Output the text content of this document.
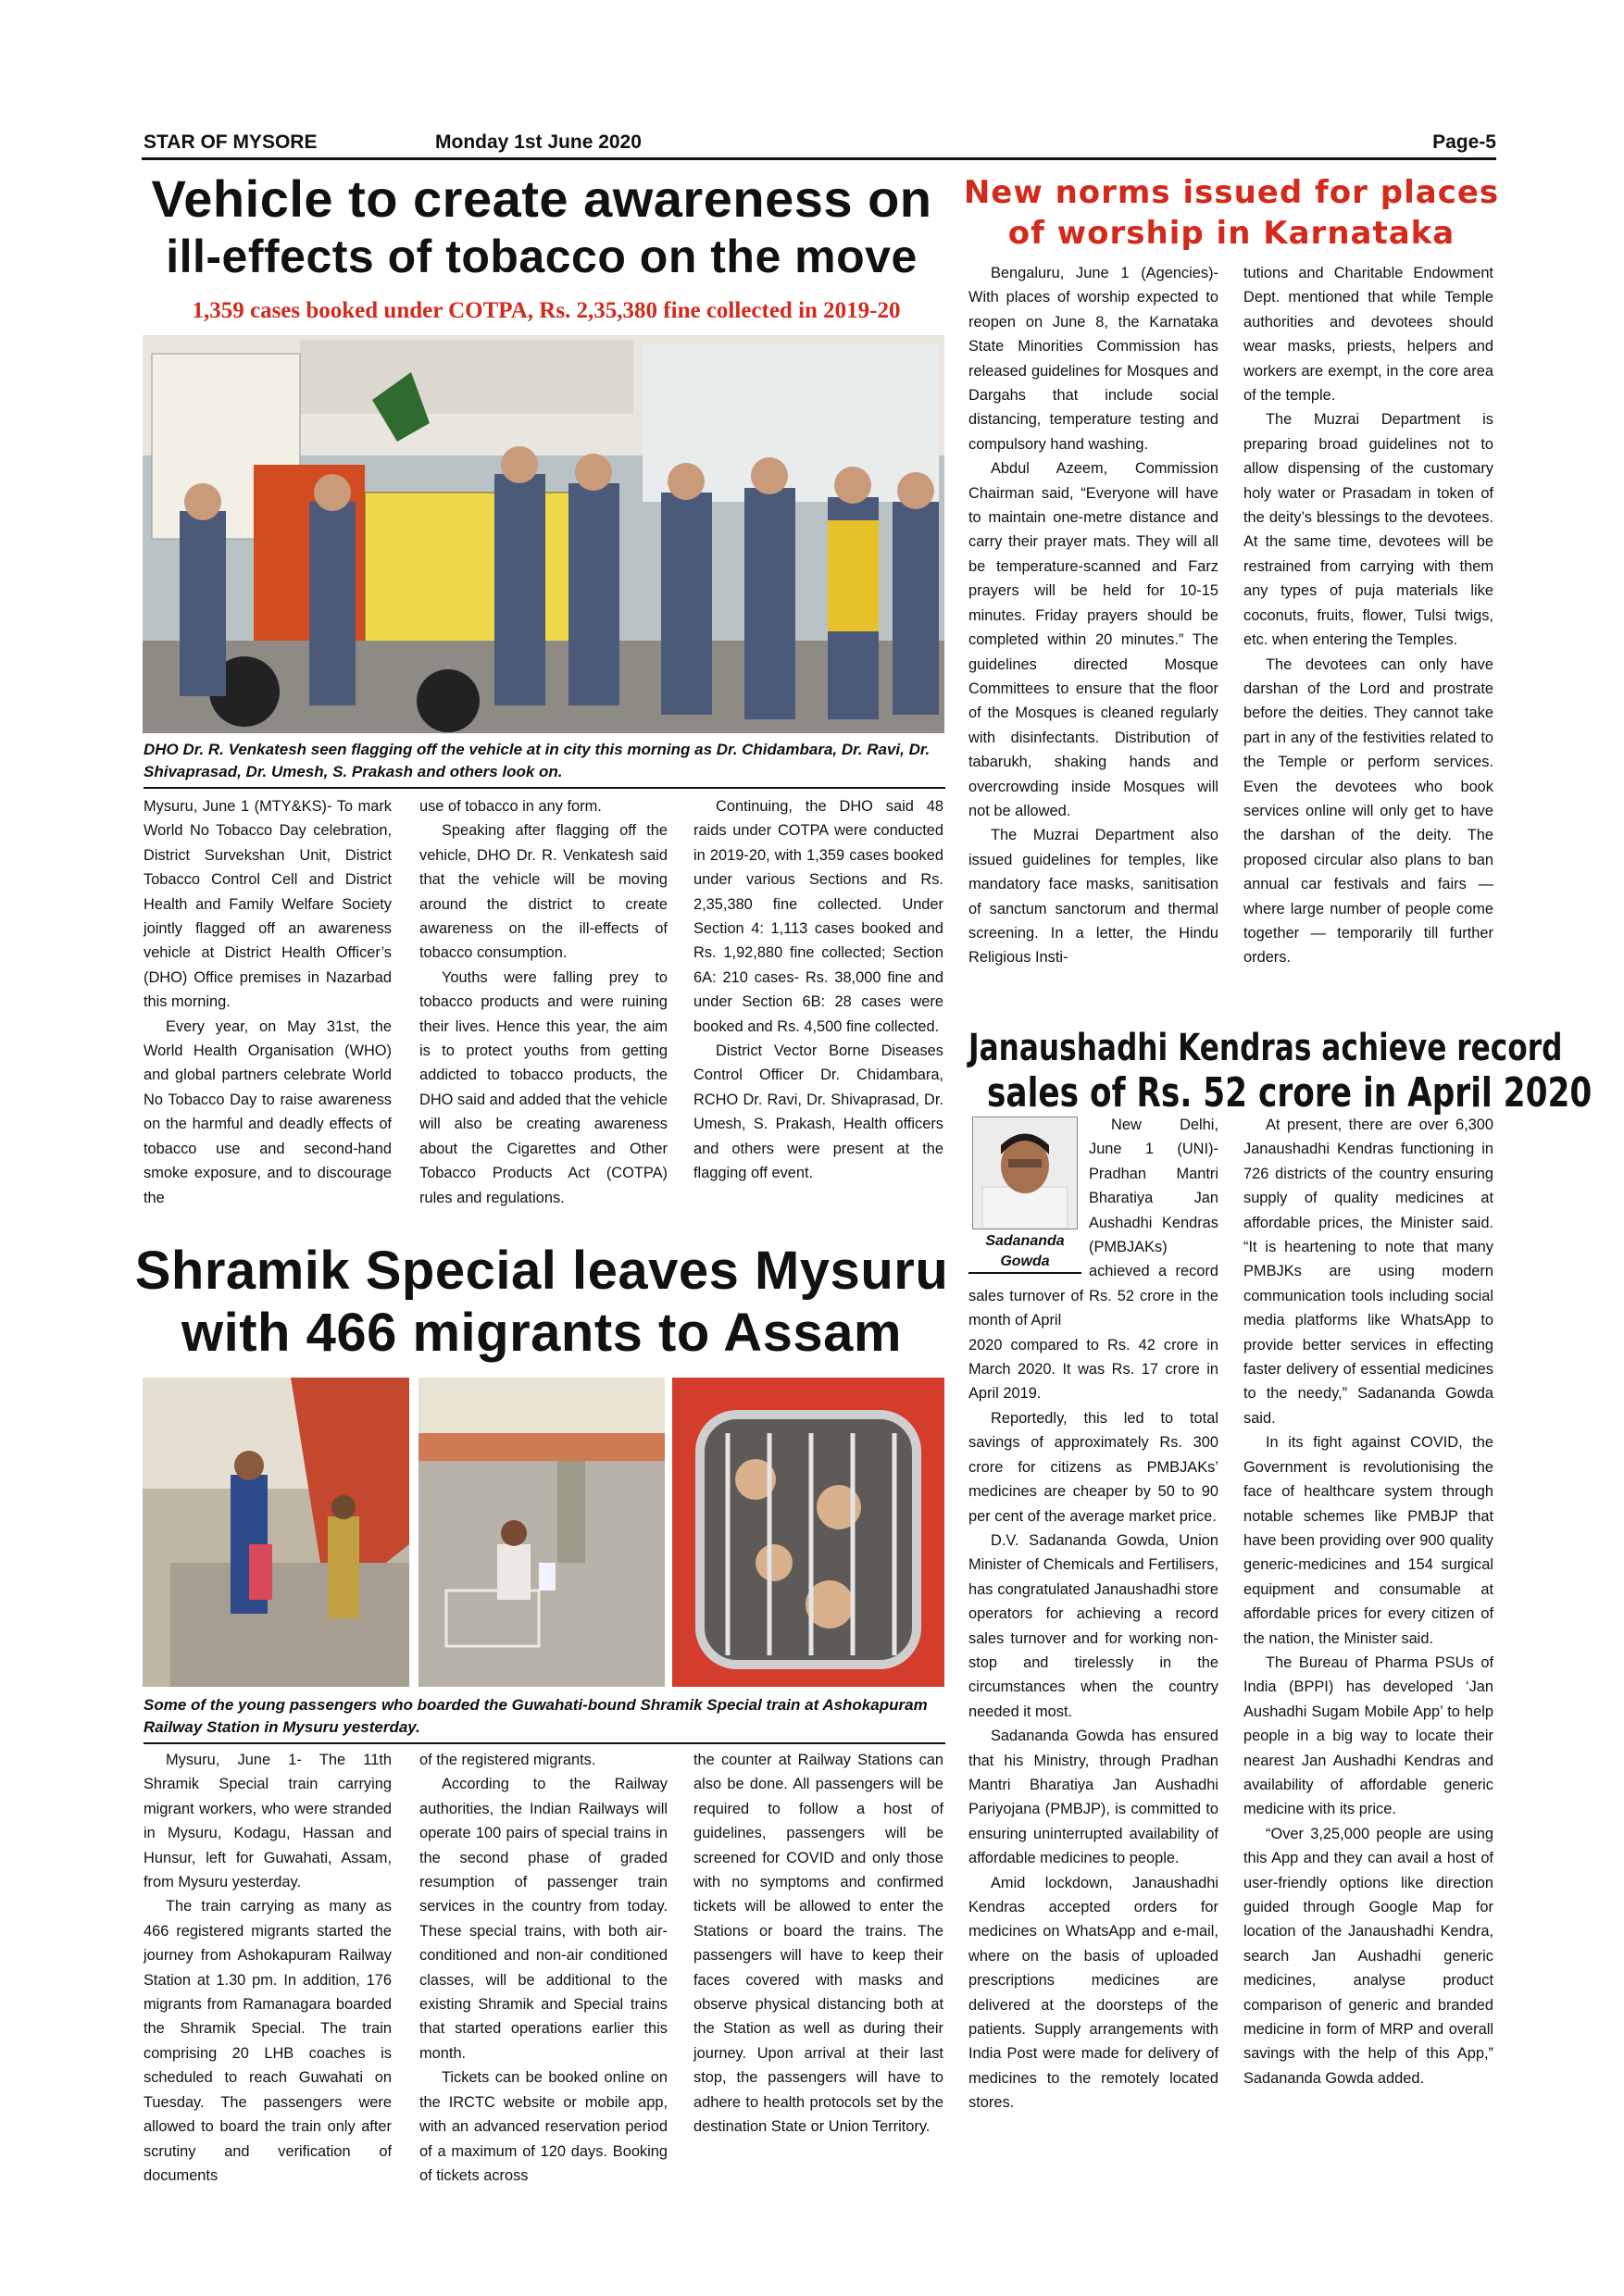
STAR OF MYSORE	Monday 1st June 2020	Page-5
Vehicle to create awareness on
ill-effects of tobacco on the move
1,359 cases booked under COTPA, Rs. 2,35,380 fine collected in 2019-20
DHO Dr. R. Venkatesh seen flagging off the vehicle at in city this morning as Dr. Chidambara, Dr. Ravi, Dr. Shivaprasad, Dr. Umesh, S. Prakash and others look on.

Mysuru, June 1 (MTY&KS)- To mark World No Tobacco Day celebration, District Survekshan Unit, District Tobacco Control Cell and District Health and Family Welfare Society jointly flagged off an awareness vehicle at District Health Officer’s (DHO) Office premises in Nazarbad this morning.

Every year, on May 31st, the World Health Organisation (WHO) and global partners celebrate World No Tobacco Day to raise awareness on the harmful and deadly effects of tobacco use and second-hand smoke exposure, and to discourage the

use of tobacco in any form.

Speaking after flagging off the vehicle, DHO Dr. R. Venkatesh said that the vehicle will be moving around the district to create awareness on the ill-effects of tobacco consumption.

Youths were falling prey to tobacco products and were ruining their lives. Hence this year, the aim is to protect youths from getting addicted to tobacco products, the DHO said and added that the vehicle will also be creating awareness about the Cigarettes and Other Tobacco Products Act (COTPA) rules and regulations.

Continuing, the DHO said 48 raids under COTPA were conducted in 2019-20, with 1,359 cases booked under various Sections and Rs. 2,35,380 fine collected. Under Section 4: 1,113 cases booked and Rs. 1,92,880 fine collected; Section 6A: 210 cases- Rs. 38,000 fine and under Section 6B: 28 cases were booked and Rs. 4,500 fine collected.

District Vector Borne Diseases Control Officer Dr. Chidambara, RCHO Dr. Ravi, Dr. Shivaprasad, Dr. Umesh, S. Prakash, Health officers and others were present at the flagging off event.

Shramik Special leaves Mysuru
with 466 migrants to Assam
Some of the young passengers who boarded the Guwahati-bound Shramik Special train at Ashokapuram Railway Station in Mysuru yesterday.

Mysuru, June 1- The 11th Shramik Special train carrying migrant workers, who were stranded in Mysuru, Kodagu, Hassan and Hunsur, left for Guwahati, Assam, from Mysuru yesterday.

The train carrying as many as 466 registered migrants started the journey from Ashokapuram Railway Station at 1.30 pm. In addition, 176 migrants from Ramanagara boarded the Shramik Special. The train comprising 20 LHB coaches is scheduled to reach Guwahati on Tuesday. The passengers were allowed to board the train only after scrutiny and verification of documents

of the registered migrants.

According to the Railway authorities, the Indian Railways will operate 100 pairs of special trains in the second phase of graded resumption of passenger train services in the country from today. These special trains, with both air-conditioned and non-air conditioned classes, will be additional to the existing Shramik and Special trains that started operations earlier this month.

Tickets can be booked online on the IRCTC website or mobile app, with an advanced reservation period of a maximum of 120 days. Booking of tickets across

the counter at Railway Stations can also be done. All passengers will be required to follow a host of guidelines, passengers will be screened for COVID and only those with no symptoms and confirmed tickets will be allowed to enter the Stations or board the trains. The passengers will have to keep their faces covered with masks and observe physical distancing both at the Station as well as during their journey. Upon arrival at their last stop, the passengers will have to adhere to health protocols set by the destination State or Union Territory.

New norms issued for places
of worship in Karnataka

Bengaluru, June 1 (Agencies)- With places of worship expected to reopen on June 8, the Karnataka State Minorities Commission has released guidelines for Mosques and Dargahs that include social distancing, temperature testing and compulsory hand washing.

Abdul Azeem, Commission Chairman said, “Everyone will have to maintain one-metre distance and carry their prayer mats. They will all be temperature-scanned and Farz prayers will be held for 10-15 minutes. Friday prayers should be completed within 20 minutes.” The guidelines directed Mosque Committees to ensure that the floor of the Mosques is cleaned regularly with disinfectants. Distribution of tabarukh, shaking hands and overcrowding inside Mosques will not be allowed.

The Muzrai Department also issued guidelines for temples, like mandatory face masks, sanitisation of sanctum sanctorum and thermal screening. In a letter, the Hindu Religious Insti-

tutions and Charitable Endowment Dept. mentioned that while Temple authorities and devotees should wear masks, priests, helpers and workers are exempt, in the core area of the temple.

The Muzrai Department is preparing broad guidelines not to allow dispensing of the customary holy water or Prasadam in token of the deity’s blessings to the devotees. At the same time, devotees will be restrained from carrying with them any types of puja materials like coconuts, fruits, flower, Tulsi twigs, etc. when entering the Temples.

The devotees can only have darshan of the Lord and prostrate before the deities. They cannot take part in any of the festivities related to the Temple or perform services. Even the devotees who book services online will only get to have the darshan of the deity. The proposed circular also plans to ban annual car festivals and fairs — where large number of people come together — temporarily till further orders.

Janaushadhi Kendras achieve record
sales of Rs. 52 crore in April 2020
Sadananda Gowda

New Delhi, June 1 (UNI)- Pradhan Mantri Bharatiya Jan Aushadhi Kendras (PMBJAKs) achieved a record sales turnover of Rs. 52 crore in the month of April

2020 compared to Rs. 42 crore in March 2020. It was Rs. 17 crore in April 2019.

Reportedly, this led to total savings of approximately Rs. 300 crore for citizens as PMBJAKs’ medicines are cheaper by 50 to 90 per cent of the average market price.

D.V. Sadananda Gowda, Union Minister of Chemicals and Fertilisers, has congratulated Janaushadhi store operators for achieving a record sales turnover and for working non-stop and tirelessly in the circumstances when the country needed it most.

Sadananda Gowda has ensured that his Ministry, through Pradhan Mantri Bharatiya Jan Aushadhi Pariyojana (PMBJP), is committed to ensuring uninterrupted availability of affordable medicines to people.

Amid lockdown, Janaushadhi Kendras accepted orders for medicines on WhatsApp and e-mail, where on the basis of uploaded prescriptions medicines are delivered at the doorsteps of the patients. Supply arrangements with India Post were made for delivery of medicines to the remotely located stores.

At present, there are over 6,300 Janaushadhi Kendras functioning in 726 districts of the country ensuring supply of quality medicines at affordable prices, the Minister said. “It is heartening to note that many PMBJKs are using modern communication tools including social media platforms like WhatsApp to provide better services in effecting faster delivery of essential medicines to the needy,” Sadananda Gowda said.

In its fight against COVID, the Government is revolutionising the face of healthcare system through notable schemes like PMBJP that have been providing over 900 quality generic-medicines and 154 surgical equipment and consumable at affordable prices for every citizen of the nation, the Minister said.

The Bureau of Pharma PSUs of India (BPPI) has developed ‘Jan Aushadhi Sugam Mobile App’ to help people in a big way to locate their nearest Jan Aushadhi Kendras and availability of affordable generic medicine with its price.

“Over 3,25,000 people are using this App and they can avail a host of user-friendly options like direction guided through Google Map for location of the Janaushadhi Kendra, search Jan Aushadhi generic medicines, analyse product comparison of generic and branded medicine in form of MRP and overall savings with the help of this App,” Sadananda Gowda added.
